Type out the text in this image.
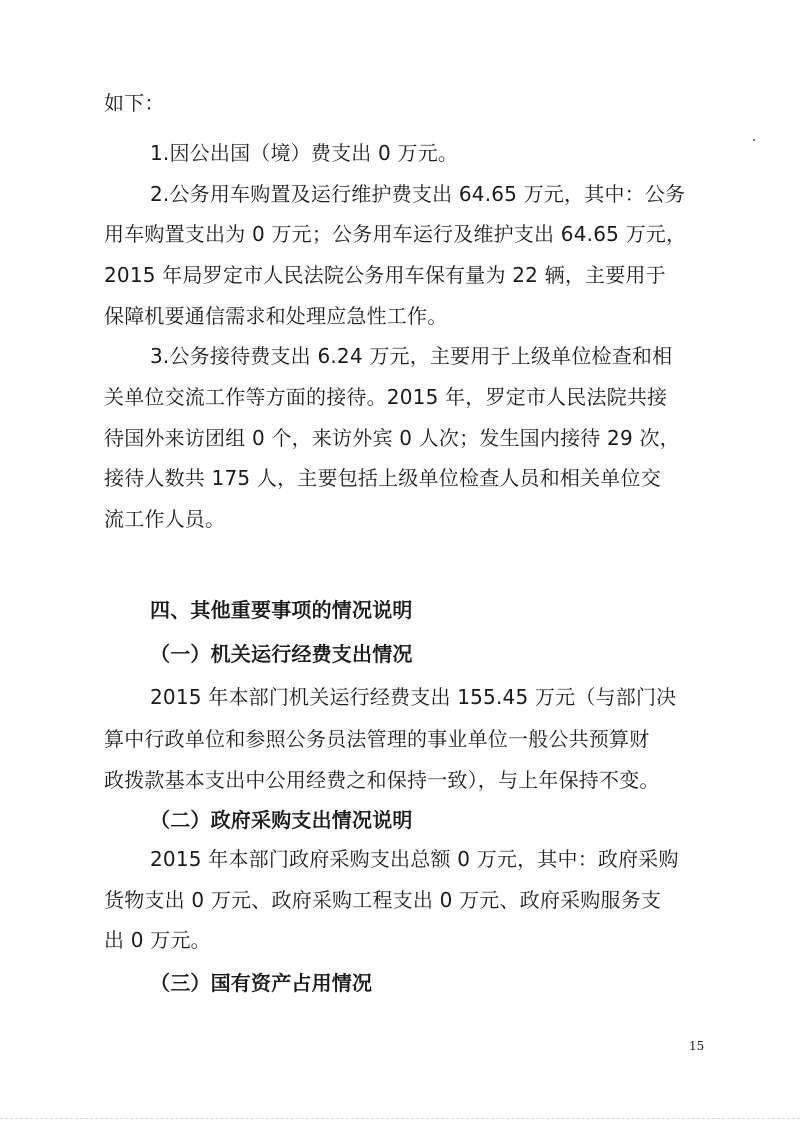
如下：
1.因公出国（境）费支出 0 万元。
2.公务用车购置及运行维护费支出 64.65 万元，其中：公务
用车购置支出为 0 万元；公务用车运行及维护支出 64.65 万元，
2015 年局罗定市人民法院公务用车保有量为 22 辆，主要用于
保障机要通信需求和处理应急性工作。
3.公务接待费支出 6.24 万元，主要用于上级单位检查和相
关单位交流工作等方面的接待。2015 年，罗定市人民法院共接
待国外来访团组 0 个，来访外宾 0 人次；发生国内接待 29 次，
接待人数共 175 人，主要包括上级单位检查人员和相关单位交
流工作人员。
四、其他重要事项的情况说明
（一）机关运行经费支出情况
2015 年本部门机关运行经费支出 155.45 万元（与部门决
算中行政单位和参照公务员法管理的事业单位一般公共预算财
政拨款基本支出中公用经费之和保持一致），与上年保持不变。
（二）政府采购支出情况说明
2015 年本部门政府采购支出总额 0 万元，其中：政府采购
货物支出 0 万元、政府采购工程支出 0 万元、政府采购服务支
出 0 万元。
（三）国有资产占用情况
15
